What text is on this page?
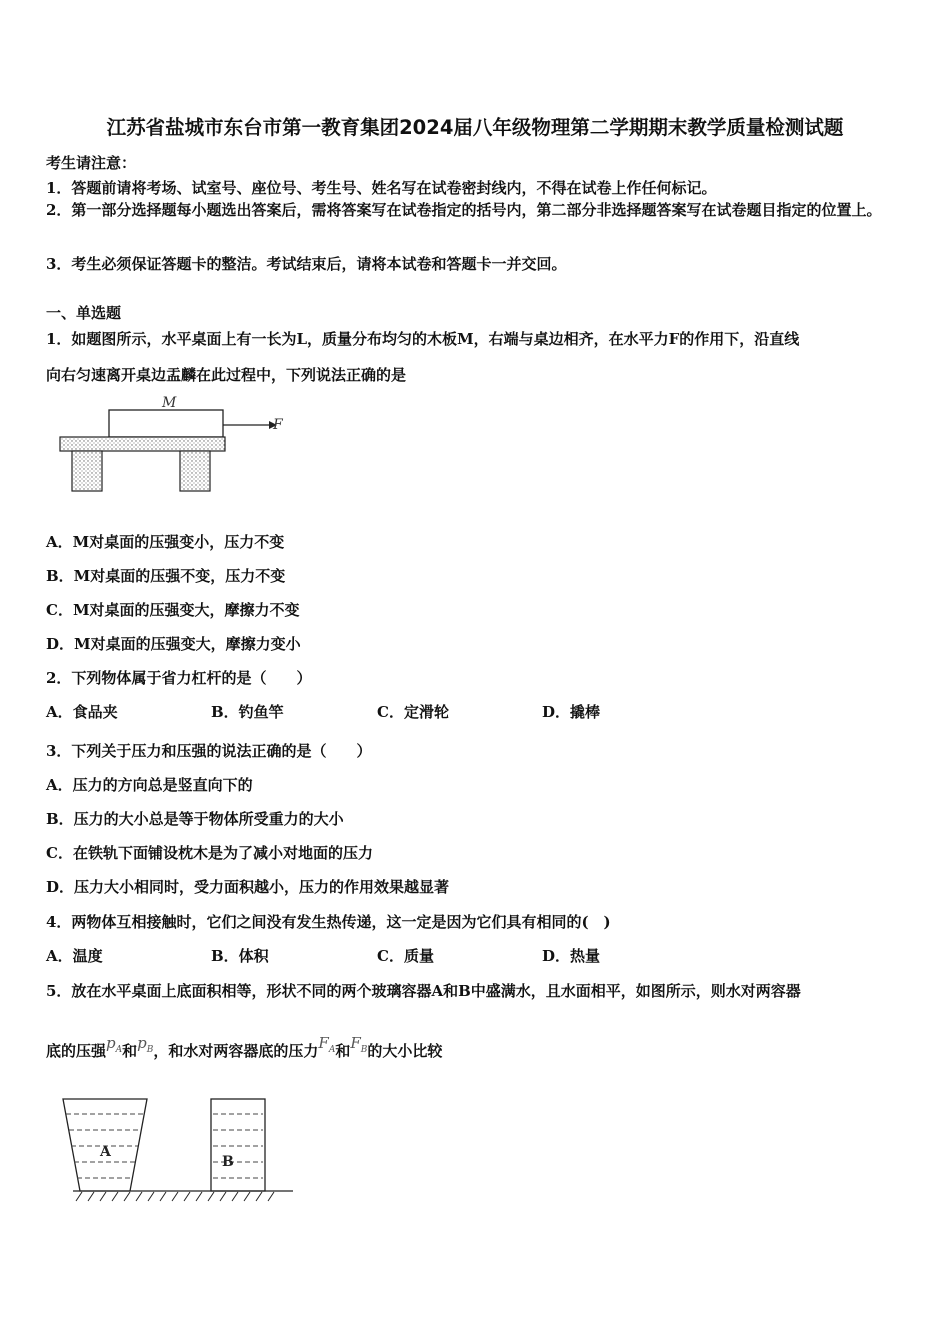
江苏省盐城市东台市第一教育集团2024届八年级物理第二学期期末教学质量检测试题
考生请注意：
1．答题前请将考场、试室号、座位号、考生号、姓名写在试卷密封线内，不得在试卷上作任何标记。
2．第一部分选择题每小题选出答案后，需将答案写在试卷指定的括号内，第二部分非选择题答案写在试卷题目指定的位置上。
3．考生必须保证答题卡的整洁。考试结束后，请将本试卷和答题卡一并交回。
一、单选题
1．如题图所示，水平桌面上有一长为L，质量分布均匀的木板M，右端与桌边相齐，在水平力F的作用下，沿直线
向右匀速离开桌边盂麟在此过程中，下列说法正确的是
M
F
A．M对桌面的压强变小，压力不变
B．M对桌面的压强不变，压力不变
C．M对桌面的压强变大，摩擦力不变
D．M对桌面的压强变大，摩擦力变小
2．下列物体属于省力杠杆的是（　　）
A．食品夹	B．钓鱼竿	C．定滑轮	D．撬棒
3．下列关于压力和压强的说法正确的是（　　）
A．压力的方向总是竖直向下的
B．压力的大小总是等于物体所受重力的大小
C．在铁轨下面铺设枕木是为了减小对地面的压力
D．压力大小相同时，受力面积越小，压力的作用效果越显著
4．两物体互相接触时，它们之间没有发生热传递，这一定是因为它们具有相同的(　)
A．温度	B．体积	C．质量	D．热量
5．放在水平桌面上底面积相等，形状不同的两个玻璃容器A和B中盛满水，且水面相平，如图所示，则水对两容器
底的压强$p_A$和$p_B$，和水对两容器底的压力$F_A$和$F_B$的大小比较
A
B
